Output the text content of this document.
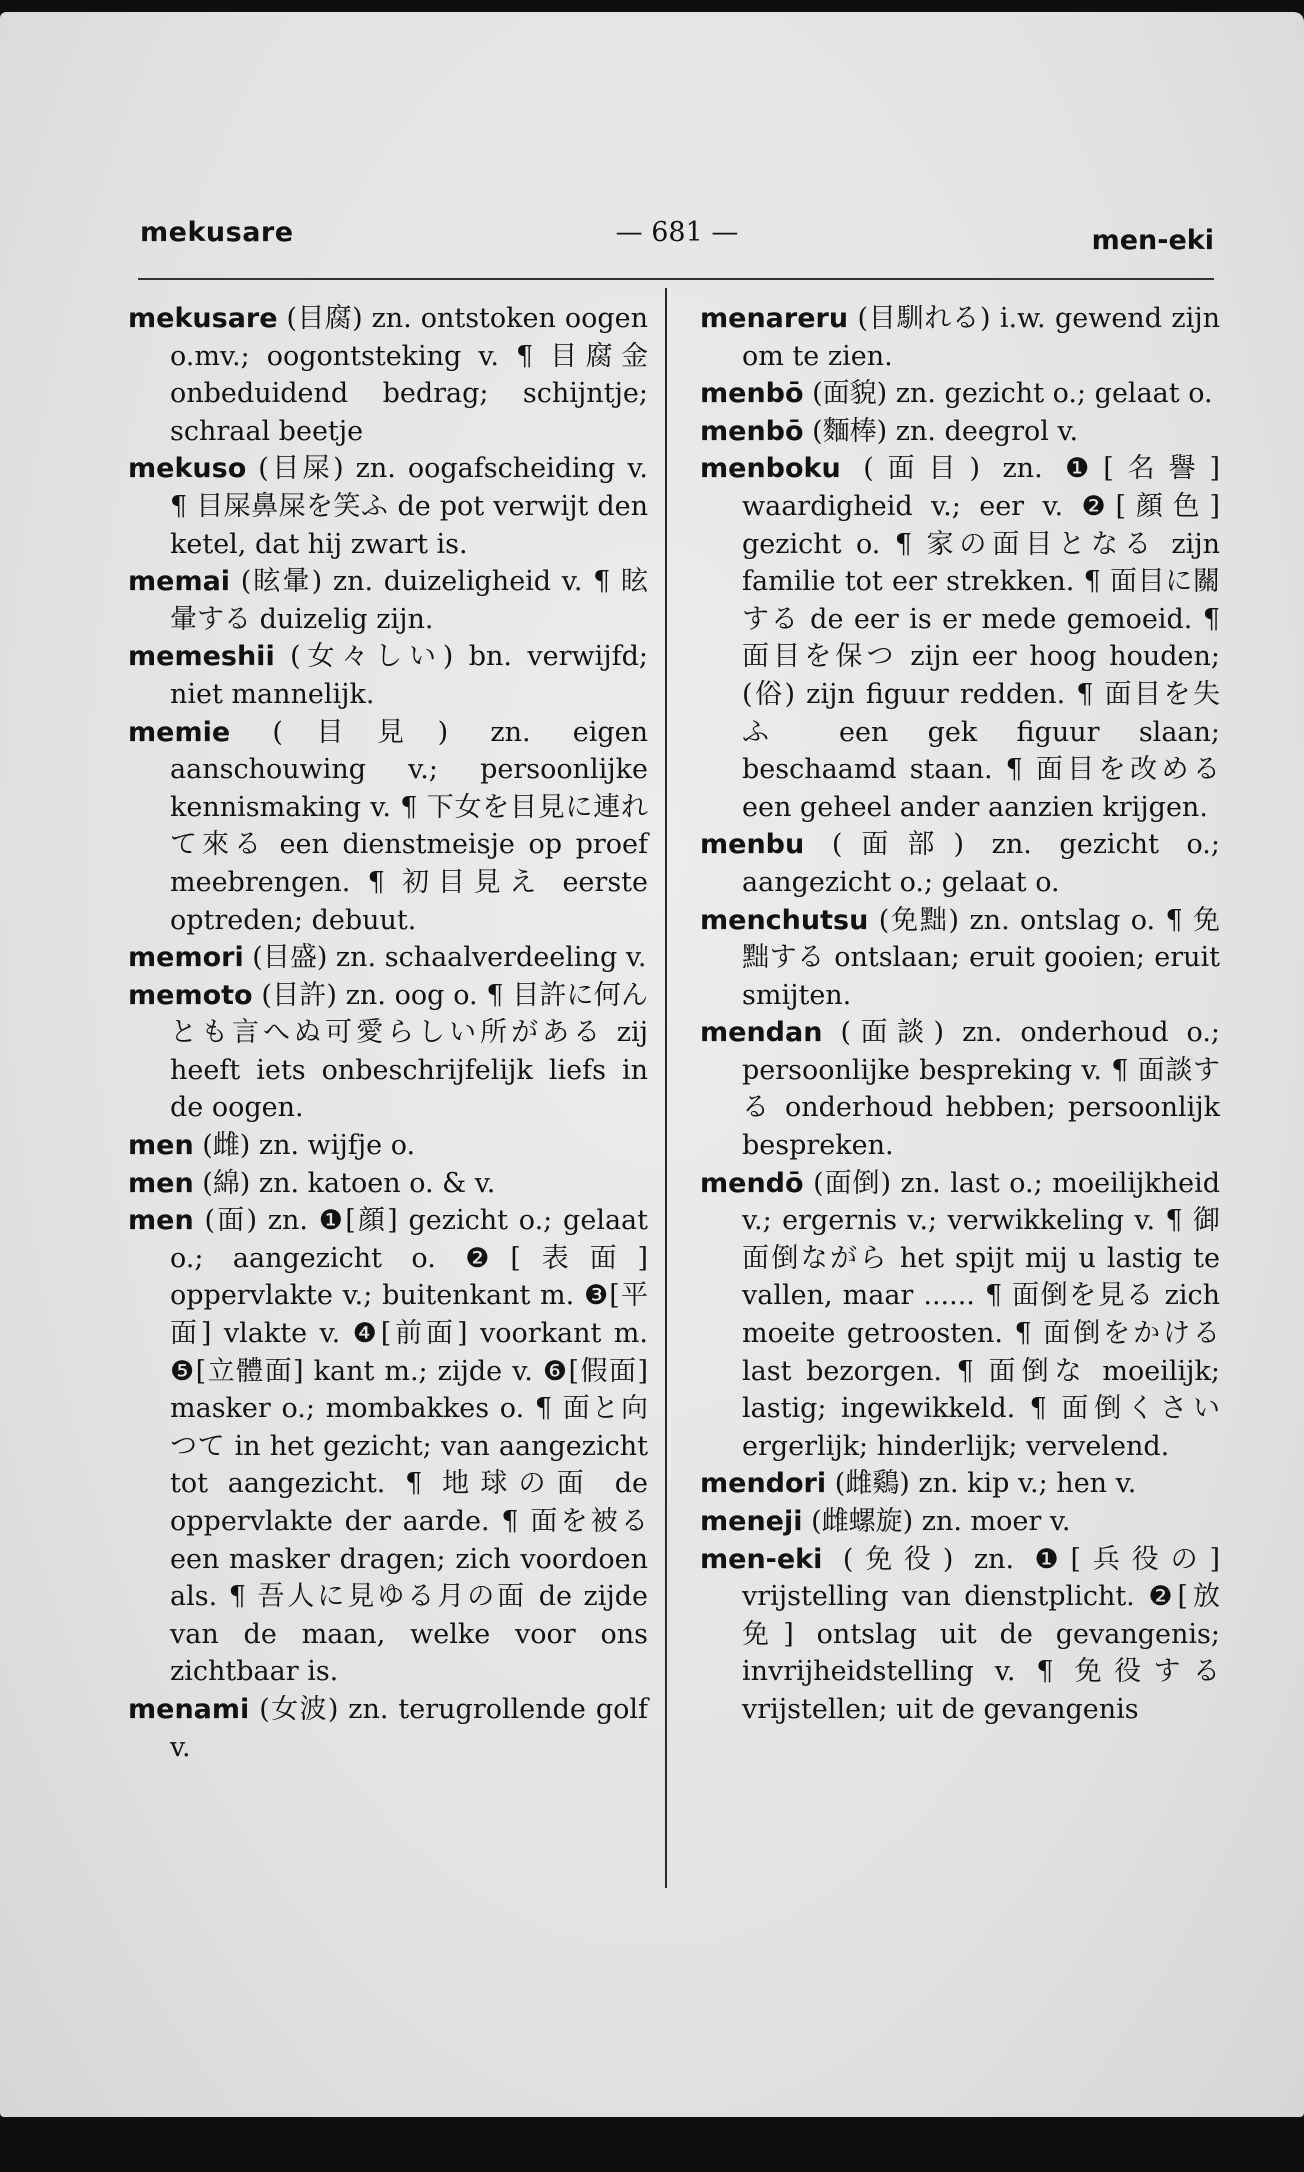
mekusare	— 681 —	men-eki

mekusare (目腐) zn. ontstoken oogen o.mv.; oogontsteking v. ¶ 目腐金 onbeduidend bedrag; schijntje; schraal beetje

mekuso (目屎) zn. oogafscheiding v. ¶ 目屎鼻屎を笑ふ de pot verwijt den ketel, dat hij zwart is.

memai (眩暈) zn. duizeligheid v. ¶ 眩暈する duizelig zijn.

memeshii (女々しい) bn. verwijfd; niet mannelijk.

memie (目見) zn. eigen aanschouwing v.; persoonlijke kennismaking v. ¶ 下女を目見に連れて來る een dienstmeisje op proef meebrengen. ¶ 初目見え eerste optreden; debuut.

memori (目盛) zn. schaalverdeeling v.

memoto (目許) zn. oog o. ¶ 目許に何んとも言へぬ可愛らしい所がある zij heeft iets onbeschrijfelijk liefs in de oogen.

men (雌) zn. wijfje o.

men (綿) zn. katoen o. & v.

men (面) zn. ❶[顔] gezicht o.; gelaat o.; aangezicht o. ❷[表面] oppervlakte v.; buitenkant m. ❸[平面] vlakte v. ❹[前面] voorkant m. ❺[立體面] kant m.; zijde v. ❻[假面] masker o.; mombakkes o. ¶ 面と向つて in het gezicht; van aangezicht tot aangezicht. ¶ 地球の面 de oppervlakte der aarde. ¶ 面を被る een masker dragen; zich voordoen als. ¶ 吾人に見ゆる月の面 de zijde van de maan, welke voor ons zichtbaar is.

menami (女波) zn. terugrollende golf v.

menareru (目馴れる) i.w. gewend zijn om te zien.

menbō (面貌) zn. gezicht o.; gelaat o.

menbō (麵棒) zn. deegrol v.

menboku (面目) zn. ❶[名譽] waardigheid v.; eer v. ❷[顔色] gezicht o. ¶ 家の面目となる zijn familie tot eer strekken. ¶ 面目に關する de eer is er mede gemoeid. ¶ 面目を保つ zijn eer hoog houden; (俗) zijn figuur redden. ¶ 面目を失ふ een gek figuur slaan; beschaamd staan. ¶ 面目を改める een geheel ander aanzien krijgen.

menbu (面部) zn. gezicht o.; aangezicht o.; gelaat o.

menchutsu (免黜) zn. ontslag o. ¶ 免黜する ontslaan; eruit gooien; eruit smijten.

mendan (面談) zn. onderhoud o.; persoonlijke bespreking v. ¶ 面談する onderhoud hebben; persoonlijk bespreken.

mendō (面倒) zn. last o.; moeilijkheid v.; ergernis v.; verwikkeling v. ¶ 御面倒ながら het spijt mij u lastig te vallen, maar ...... ¶ 面倒を見る zich moeite getroosten. ¶ 面倒をかける last bezorgen. ¶ 面倒な moeilijk; lastig; ingewikkeld. ¶ 面倒くさい ergerlijk; hinderlijk; vervelend.

mendori (雌鷄) zn. kip v.; hen v.

meneji (雌螺旋) zn. moer v.

men-eki (免役) zn. ❶[兵役の] vrijstelling van dienstplicht. ❷[放免] ontslag uit de gevangenis; invrijheidstelling v. ¶ 免役する vrijstellen; uit de gevangenis
